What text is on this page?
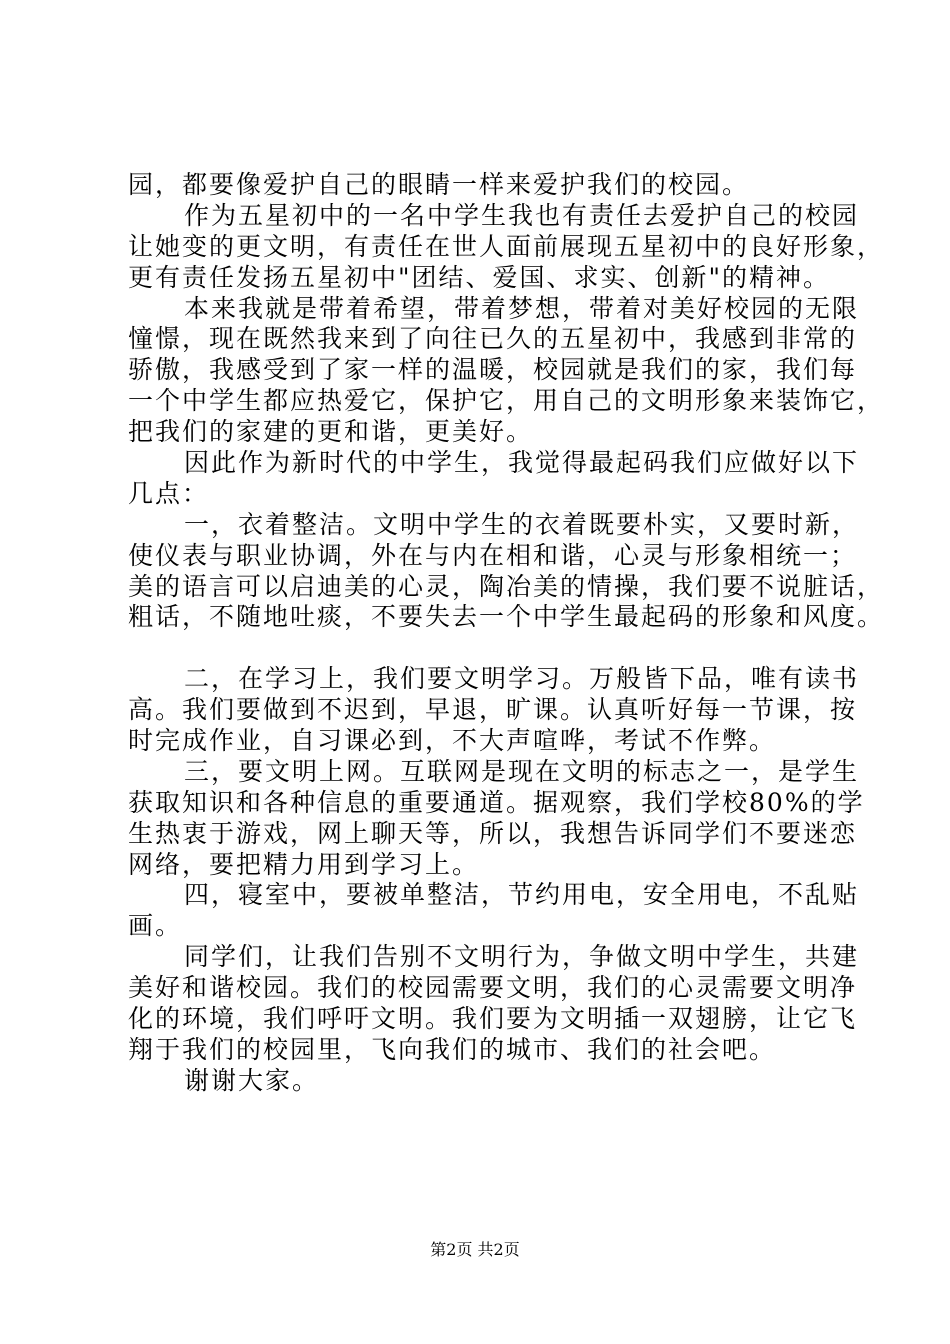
园，都要像爱护自己的眼睛一样来爱护我们的校园。
作为五星初中的一名中学生我也有责任去爱护自己的校园
让她变的更文明，有责任在世人面前展现五星初中的良好形象，
更有责任发扬五星初中"团结、爱国、求实、创新"的精神。
本来我就是带着希望，带着梦想，带着对美好校园的无限
憧憬，现在既然我来到了向往已久的五星初中，我感到非常的
骄傲，我感受到了家一样的温暖，校园就是我们的家，我们每
一个中学生都应热爱它，保护它，用自己的文明形象来装饰它，
把我们的家建的更和谐，更美好。
因此作为新时代的中学生，我觉得最起码我们应做好以下
几点：
一，衣着整洁。文明中学生的衣着既要朴实，又要时新，
使仪表与职业协调，外在与内在相和谐，心灵与形象相统一；
美的语言可以启迪美的心灵，陶冶美的情操，我们要不说脏话，
粗话，不随地吐痰，不要失去一个中学生最起码的形象和风度。
二，在学习上，我们要文明学习。万般皆下品，唯有读书
高。我们要做到不迟到，早退，旷课。认真听好每一节课，按
时完成作业，自习课必到，不大声喧哗，考试不作弊。
三，要文明上网。互联网是现在文明的标志之一，是学生
获取知识和各种信息的重要通道。据观察，我们学校80%的学
生热衷于游戏，网上聊天等，所以，我想告诉同学们不要迷恋
网络，要把精力用到学习上。
四，寝室中，要被单整洁，节约用电，安全用电，不乱贴
画。
同学们，让我们告别不文明行为，争做文明中学生，共建
美好和谐校园。我们的校园需要文明，我们的心灵需要文明净
化的环境，我们呼吁文明。我们要为文明插一双翅膀，让它飞
翔于我们的校园里，飞向我们的城市、我们的社会吧。
谢谢大家。
第2页 共2页
